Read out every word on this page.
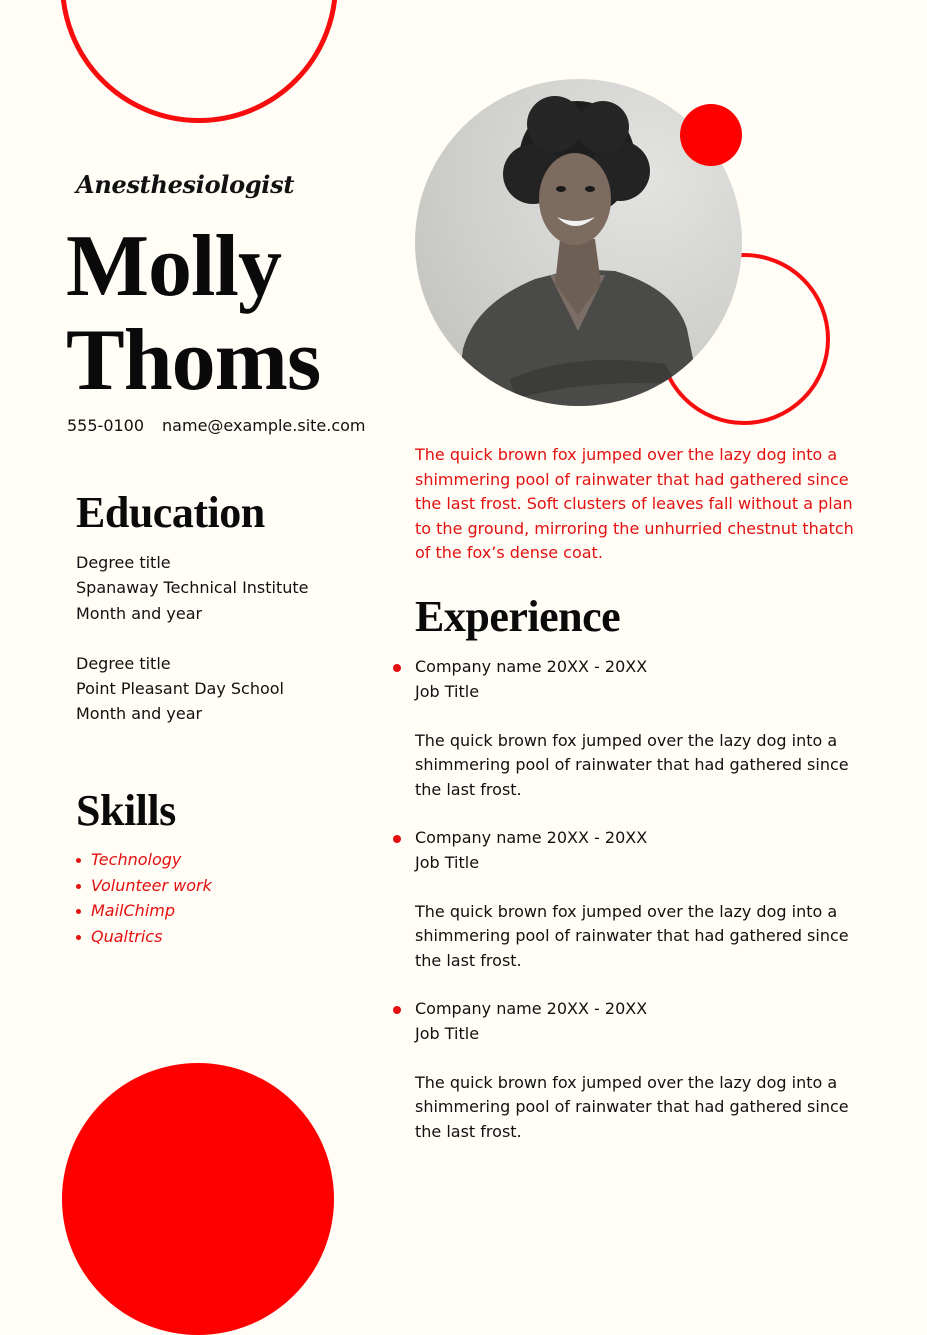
Anesthesiologist
Molly
Thoms
555-0100 name@example.site.com
Education
Degree title
Spanaway Technical Institute
Month and year
Degree title
Point Pleasant Day School
Month and year
Skills
Technology
Volunteer work
MailChimp
Qualtrics
The quick brown fox jumped over the lazy dog into a shimmering pool of rainwater that had gathered since the last frost. Soft clusters of leaves fall without a plan to the ground, mirroring the unhurried chestnut thatch of the fox’s dense coat.
Experience
Company name 20XX - 20XX
Job Title
The quick brown fox jumped over the lazy dog into a shimmering pool of rainwater that had gathered since the last frost.
Company name 20XX - 20XX
Job Title
The quick brown fox jumped over the lazy dog into a shimmering pool of rainwater that had gathered since the last frost.
Company name 20XX - 20XX
Job Title
The quick brown fox jumped over the lazy dog into a shimmering pool of rainwater that had gathered since the last frost.
